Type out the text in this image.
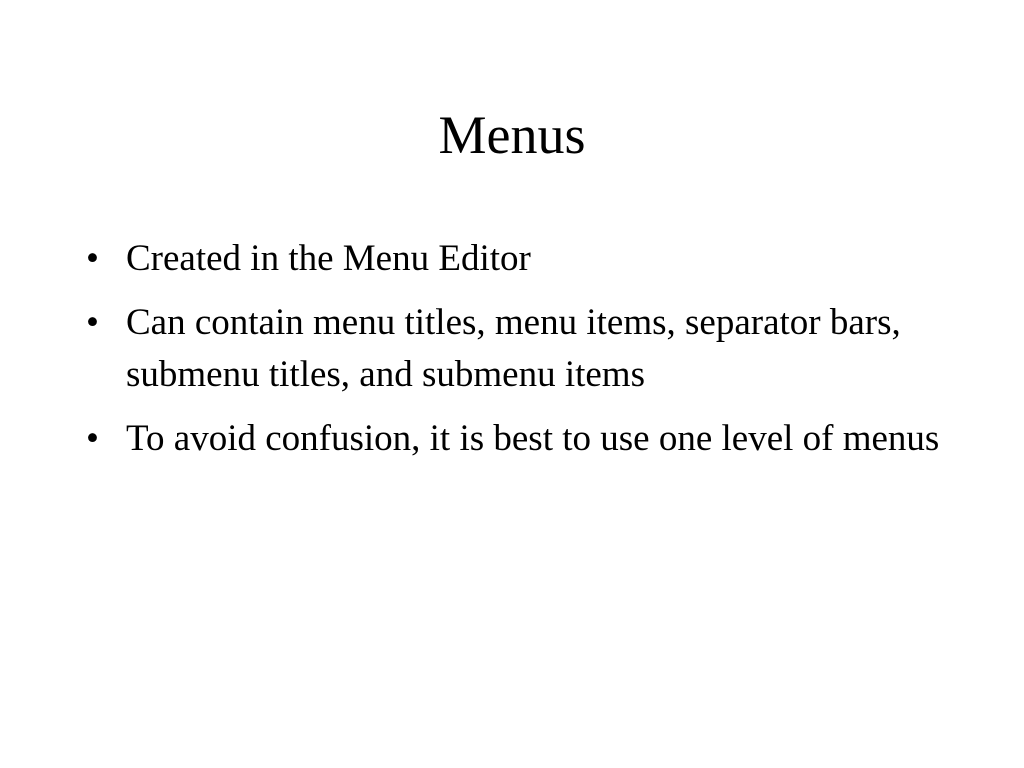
Menus
• Created in the Menu Editor
• Can contain menu titles, menu items, separator bars, submenu titles, and submenu items
• To avoid confusion, it is best to use one level of menus
